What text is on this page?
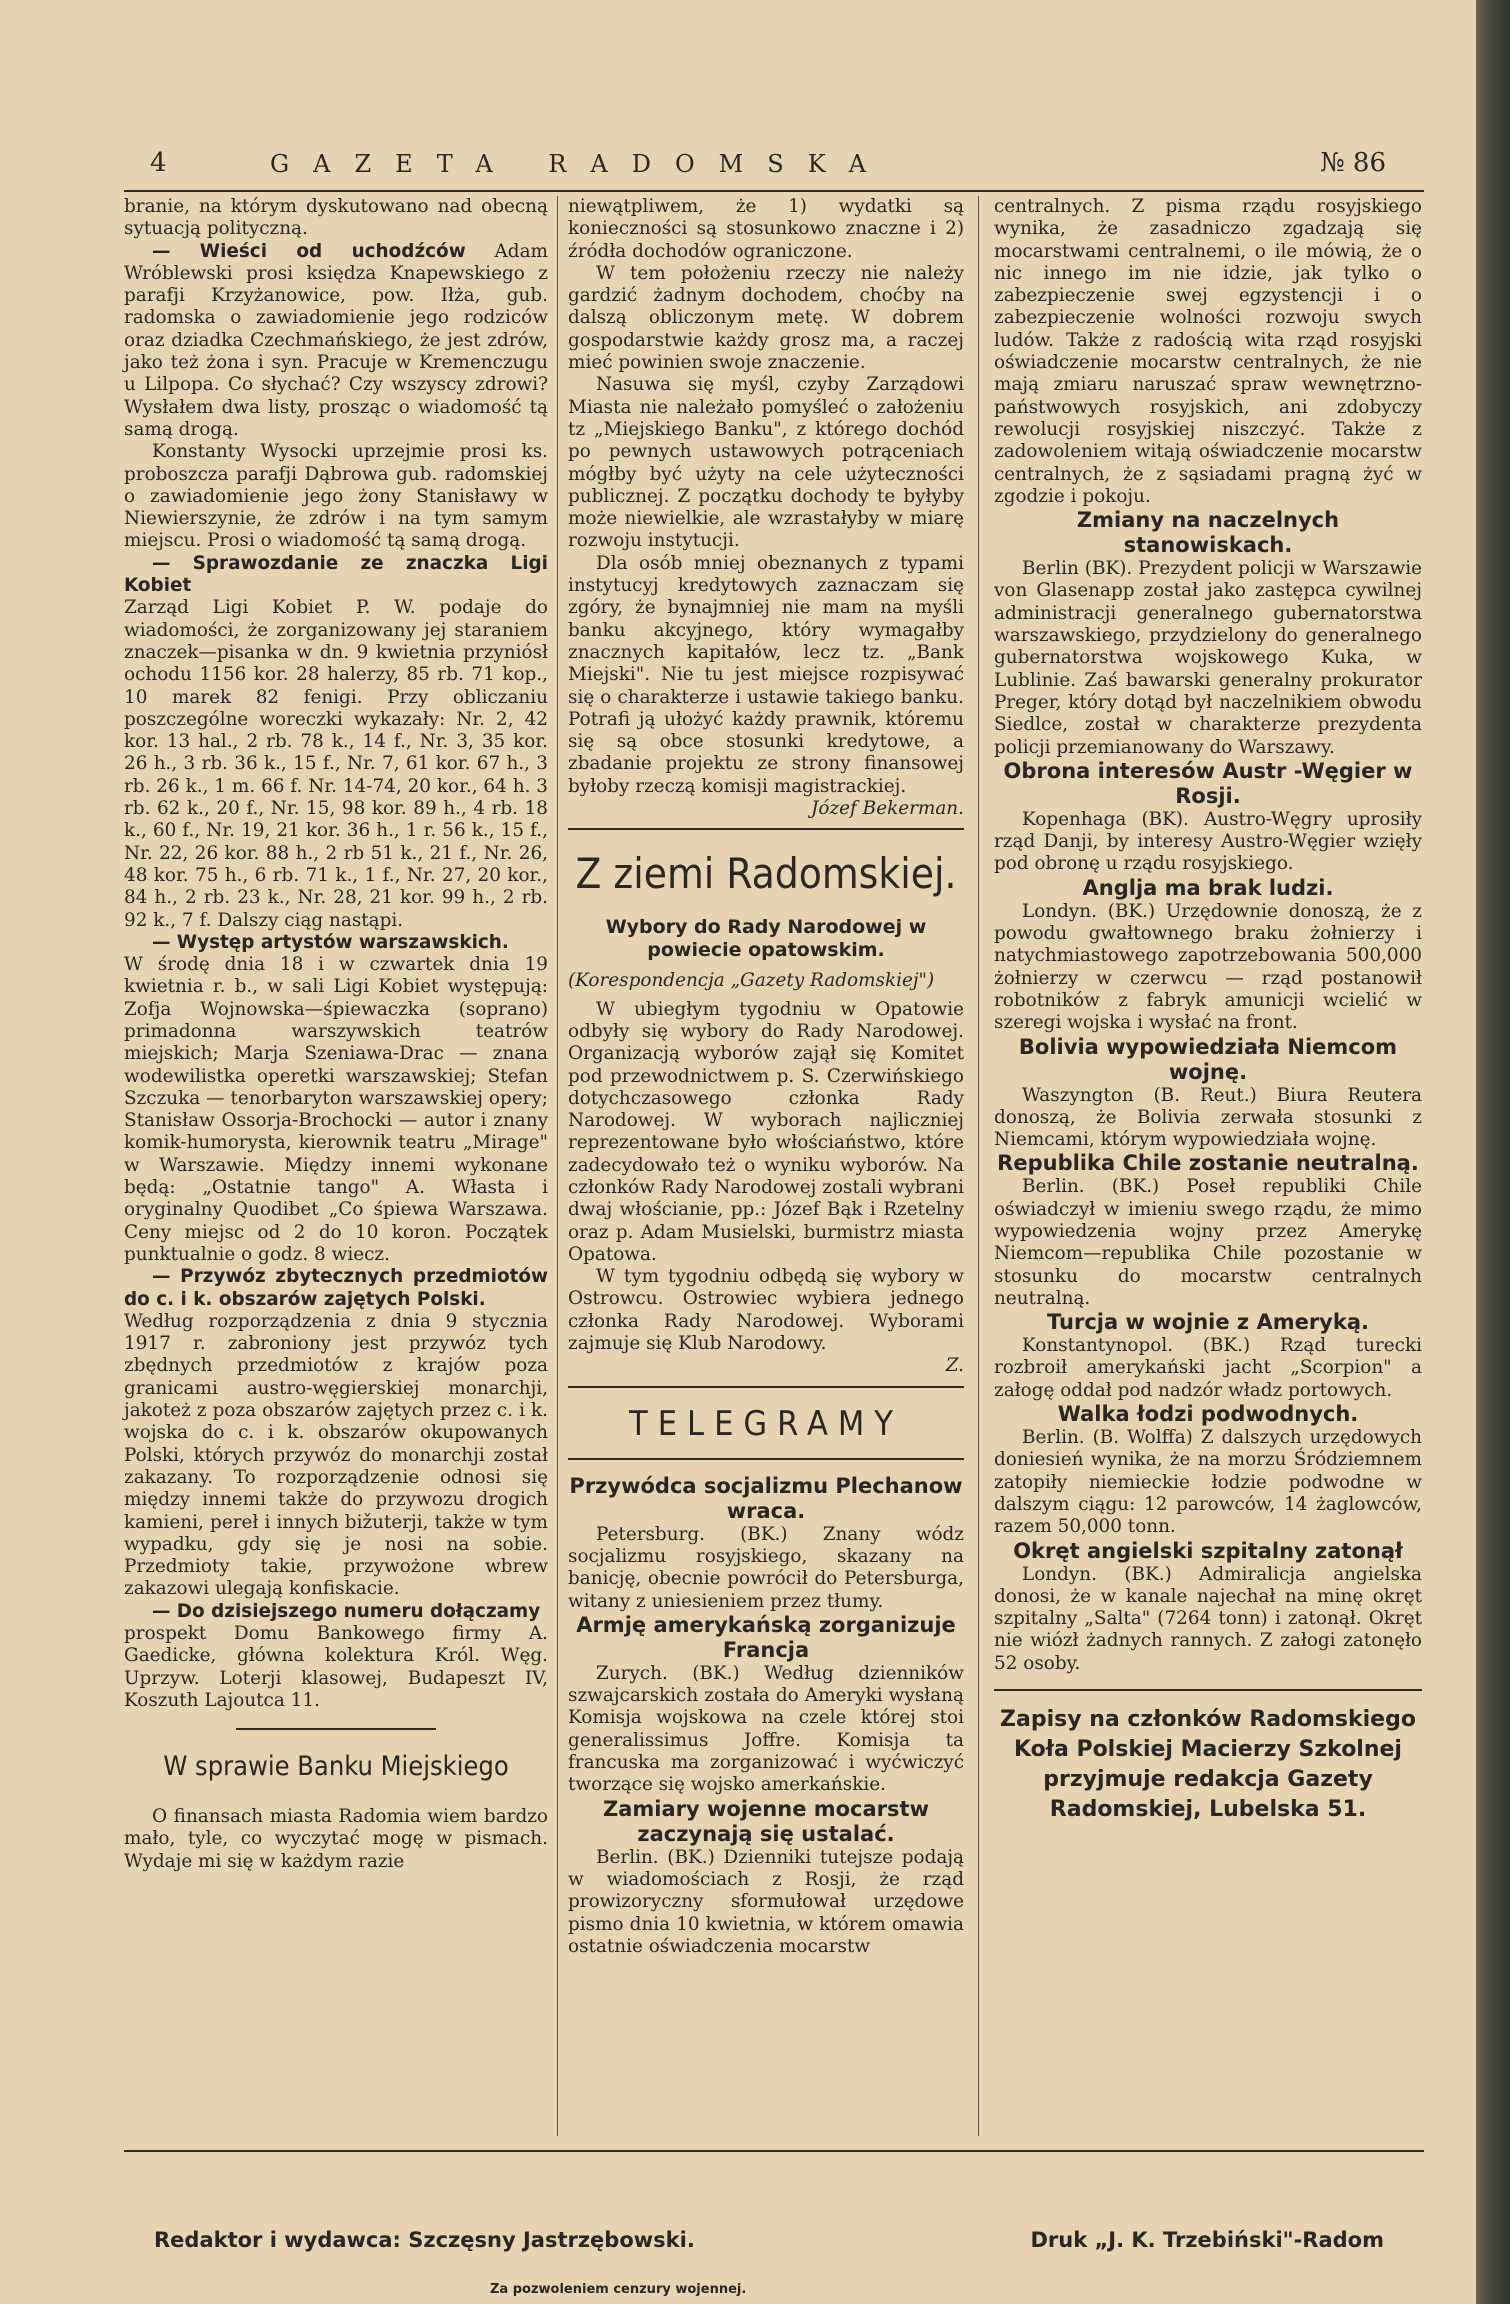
4	GAZETA RADOMSKA	№ 86

branie, na którym dyskutowano nad obecną sytuacją polityczną.

— Wieści od uchodźców Adam Wróblewski prosi księdza Knapewskiego z parafji Krzyżanowice, pow. Iłża, gub. radomska o zawiadomienie jego rodziców oraz dziadka Czechmańskiego, że jest zdrów, jako też żona i syn. Pracuje w Kremenczugu u Lilpopa. Co słychać? Czy wszyscy zdrowi? Wysłałem dwa listy, prosząc o wiadomość tą samą drogą.

Konstanty Wysocki uprzejmie prosi ks. proboszcza parafji Dąbrowa gub. radomskiej o zawiadomienie jego żony Stanisławy w Niewierszynie, że zdrów i na tym samym miejscu. Prosi o wiadomość tą samą drogą.

— Sprawozdanie ze znaczka Ligi Kobiet

Zarząd Ligi Kobiet P. W. podaje do wiadomości, że zorganizowany jej staraniem znaczek—pisanka w dn. 9 kwietnia przyniósł ochodu 1156 kor. 28 halerzy, 85 rb. 71 kop., 10 marek 82 fenigi. Przy obliczaniu poszczególne woreczki wykazały: Nr. 2, 42 kor. 13 hal., 2 rb. 78 k., 14 f., Nr. 3, 35 kor. 26 h., 3 rb. 36 k., 15 f., Nr. 7, 61 kor. 67 h., 3 rb. 26 k., 1 m. 66 f. Nr. 14-74, 20 kor., 64 h. 3 rb. 62 k., 20 f., Nr. 15, 98 kor. 89 h., 4 rb. 18 k., 60 f., Nr. 19, 21 kor. 36 h., 1 r. 56 k., 15 f., Nr. 22, 26 kor. 88 h., 2 rb 51 k., 21 f., Nr. 26, 48 kor. 75 h., 6 rb. 71 k., 1 f., Nr. 27, 20 kor., 84 h., 2 rb. 23 k., Nr. 28, 21 kor. 99 h., 2 rb. 92 k., 7 f. Dalszy ciąg nastąpi.

— Występ artystów warszawskich.

W środę dnia 18 i w czwartek dnia 19 kwietnia r. b., w sali Ligi Kobiet występują: Zofja Wojnowska—śpiewaczka (soprano) primadonna warszywskich teatrów miejskich; Marja Szeniawa-Drac — znana wodewilistka operetki warszawskiej; Stefan Szczuka — tenorbaryton warszawskiej opery; Stanisław Ossorja-Brochocki — autor i znany komik-humorysta, kierownik teatru „Mirage" w Warszawie. Między innemi wykonane będą: „Ostatnie tango" A. Własta i oryginalny Quodibet „Co śpiewa Warszawa. Ceny miejsc od 2 do 10 koron. Początek punktualnie o godz. 8 wiecz.

— Przywóz zbytecznych przedmiotów do c. i k. obszarów zajętych Polski.

Według rozporządzenia z dnia 9 stycznia 1917 r. zabroniony jest przywóz tych zbędnych przedmiotów z krajów poza granicami austro-węgierskiej monarchji, jakoteż z poza obszarów zajętych przez c. i k. wojska do c. i k. obszarów okupowanych Polski, których przywóz do monarchji został zakazany. To rozporządzenie odnosi się między innemi także do przywozu drogich kamieni, pereł i innych bižuterji, także w tym wypadku, gdy się je nosi na sobie. Przedmioty takie, przywożone wbrew zakazowi ulegają konfiskacie.

— Do dzisiejszego numeru dołączamy

prospekt Domu Bankowego firmy A. Gaedicke, główna kolektura Król. Węg. Uprzyw. Loterji klasowej, Budapeszt IV, Koszuth Lajoutca 11.

W sprawie Banku Miejskiego

O finansach miasta Radomia wiem bardzo mało, tyle, co wyczytać mogę w pismach. Wydaje mi się w każdym razie

niewątpliwem, że 1) wydatki są konieczności są stosunkowo znaczne i 2) źródła dochodów ograniczone.

W tem położeniu rzeczy nie należy gardzić żadnym dochodem, choćby na dalszą obliczonym metę. W dobrem gospodarstwie każdy grosz ma, a raczej mieć powinien swoje znaczenie.

Nasuwa się myśl, czyby Zarządowi Miasta nie należało pomyśleć o założeniu tz „Miejskiego Banku", z którego dochód po pewnych ustawowych potrąceniach mógłby być użyty na cele użyteczności publicznej. Z początku dochody te byłyby może niewielkie, ale wzrastałyby w miarę rozwoju instytucji.

Dla osób mniej obeznanych z typami instytucyj kredytowych zaznaczam się zgóry, że bynajmniej nie mam na myśli banku akcyjnego, który wymagałby znacznych kapitałów, lecz tz. „Bank Miejski". Nie tu jest miejsce rozpisywać się o charakterze i ustawie takiego banku. Potrafi ją ułożyć każdy prawnik, któremu się są obce stosunki kredytowe, a zbadanie projektu ze strony finansowej byłoby rzeczą komisji magistrackiej.

Józef Bekerman.

Z ziemi Radomskiej.

Wybory do Rady Narodowej w powiecie opatowskim.

(Korespondencja „Gazety Radomskiej")

W ubiegłym tygodniu w Opatowie odbyły się wybory do Rady Narodowej. Organizacją wyborów zajął się Komitet pod przewodnictwem p. S. Czerwińskiego dotychczasowego członka Rady Narodowej. W wyborach najliczniej reprezentowane było włościaństwo, które zadecydowało też o wyniku wyborów. Na członków Rady Narodowej zostali wybrani dwaj włościanie, pp.: Józef Bąk i Rzetelny oraz p. Adam Musielski, burmistrz miasta Opatowa.

W tym tygodniu odbędą się wybory w Ostrowcu. Ostrowiec wybiera jednego członka Rady Narodowej. Wyborami zajmuje się Klub Narodowy.

Z.

TELEGRAMY

Przywódca socjalizmu Plechanow wraca.

Petersburg. (BK.) Znany wódz socjalizmu rosyjskiego, skazany na banicję, obecnie powrócił do Petersburga, witany z uniesieniem przez tłumy.

Armję amerykańską zorganizuje Francja

Zurych. (BK.) Według dzienników szwajcarskich została do Ameryki wysłaną Komisja wojskowa na czele której stoi generalissimus Joffre. Komisja ta francuska ma zorganizować i wyćwiczyć tworzące się wojsko amerkańskie.

Zamiary wojenne mocarstw zaczynają się ustalać.

Berlin. (BK.) Dzienniki tutejsze podają w wiadomościach z Rosji, że rząd prowizoryczny sformułował urzędowe pismo dnia 10 kwietnia, w którem omawia ostatnie oświadczenia mocarstw

centralnych. Z pisma rządu rosyjskiego wynika, że zasadniczo zgadzają się mocarstwami centralnemi, o ile mówią, że o nic innego im nie idzie, jak tylko o zabezpieczenie swej egzystencji i o zabezpieczenie wolności rozwoju swych ludów. Także z radością wita rząd rosyjski oświadczenie mocarstw centralnych, że nie mają zmiaru naruszać spraw wewnętrzno-państwowych rosyjskich, ani zdobyczy rewolucji rosyjskiej niszczyć. Także z zadowoleniem witają oświadczenie mocarstw centralnych, że z sąsiadami pragną żyć w zgodzie i pokoju.

Zmiany na naczelnych stanowiskach.

Berlin (BK). Prezydent policji w Warszawie von Glasenapp został jako zastępca cywilnej administracji generalnego gubernatorstwa warszawskiego, przydzielony do generalnego gubernatorstwa wojskowego Kuka, w Lublinie. Zaś bawarski generalny prokurator Preger, który dotąd był naczelnikiem obwodu Siedlce, został w charakterze prezydenta policji przemianowany do Warszawy.

Obrona interesów Austr -Węgier w Rosji.

Kopenhaga (BK). Austro-Węgry uprosiły rząd Danji, by interesy Austro-Węgier wzięły pod obronę u rządu rosyjskiego.

Anglja ma brak ludzi.

Londyn. (BK.) Urzędownie donoszą, że z powodu gwałtownego braku żołnierzy i natychmiastowego zapotrzebowania 500,000 żołnierzy w czerwcu — rząd postanowił robotników z fabryk amunicji wcielić w szeregi wojska i wysłać na front.

Bolivia wypowiedziała Niemcom wojnę.

Waszyngton (B. Reut.) Biura Reutera donoszą, że Bolivia zerwała stosunki z Niemcami, którym wypowiedziała wojnę.

Republika Chile zostanie neutralną.

Berlin. (BK.) Poseł republiki Chile oświadczył w imieniu swego rządu, że mimo wypowiedzenia wojny przez Amerykę Niemcom—republika Chile pozostanie w stosunku do mocarstw centralnych neutralną.

Turcja w wojnie z Ameryką.

Konstantynopol. (BK.) Rząd turecki rozbroił amerykański jacht „Scorpion" a załogę oddał pod nadzór władz portowych.

Walka łodzi podwodnych.

Berlin. (B. Wolffa) Z dalszych urzędowych doniesień wynika, że na morzu Śródziemnem zatopiły niemieckie łodzie podwodne w dalszym ciągu: 12 parowców, 14 żaglowców, razem 50,000 tonn.

Okręt angielski szpitalny zatonął

Londyn. (BK.) Admiralicja angielska donosi, że w kanale najechał na minę okręt szpitalny „Salta" (7264 tonn) i zatonął. Okręt nie wiózł żadnych rannych. Z załogi zatonęło 52 osoby.

Zapisy na członków Radomskiego Koła Polskiej Macierzy Szkolnej przyjmuje redakcja Gazety Radomskiej, Lubelska 51.

Redaktor i wydawca: Szczęsny Jastrzębowski.	Druk „J. K. Trzebiński"-Radom
Za pozwoleniem cenzury wojennej.
